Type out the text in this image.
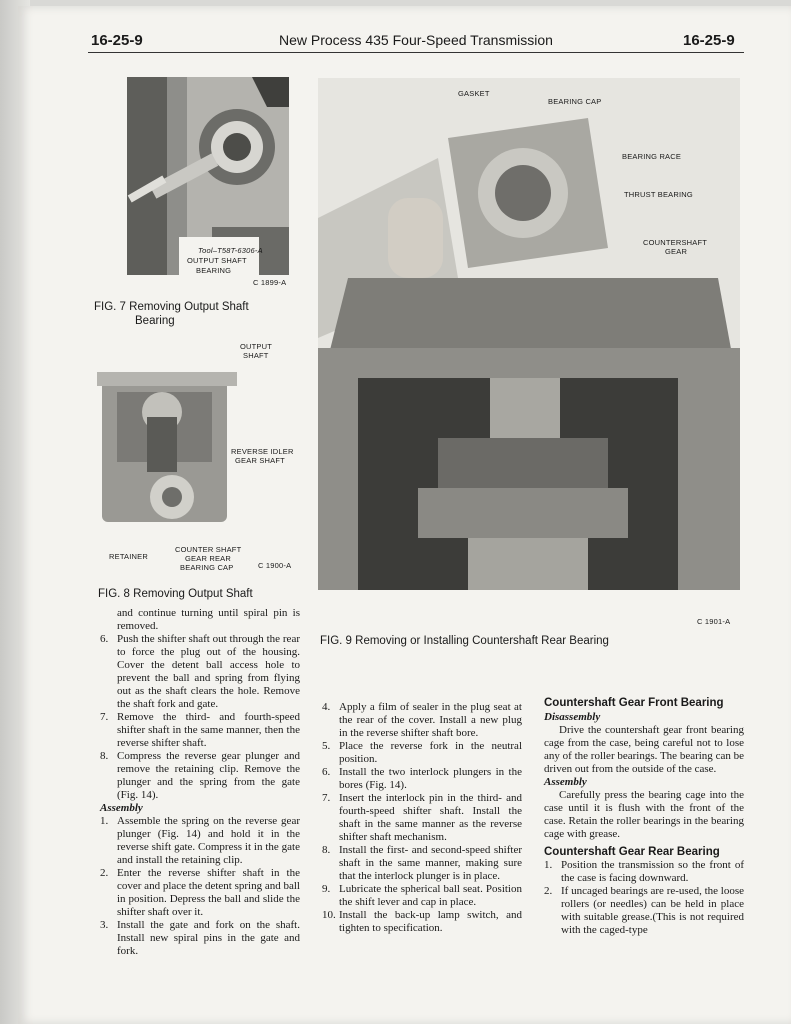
16-25-9	New Process 435 Four-Speed Transmission	16-25-9
Tool–T58T-6306-A
OUTPUT SHAFT
BEARING
C 1899-A
FIG. 7 Removing Output Shaft
Bearing
OUTPUT
SHAFT
REVERSE IDLER
GEAR SHAFT
RETAINER
COUNTER SHAFT
GEAR REAR
BEARING CAP	C 1900-A
FIG. 8 Removing Output Shaft
GASKET
BEARING CAP
BEARING RACE
THRUST BEARING
COUNTERSHAFT
GEAR
C 1901-A
FIG. 9 Removing or Installing Countershaft Rear Bearing

and continue turning until spiral pin is removed.

6. Push the shifter shaft out through the rear to force the plug out of the housing. Cover the detent ball access hole to prevent the ball and spring from flying out as the shaft clears the hole. Remove the shaft fork and gate.
7. Remove the third- and fourth-speed shifter shaft in the same manner, then the reverse shifter shaft.
8. Compress the reverse gear plunger and remove the retaining clip. Remove the plunger and the spring from the gate (Fig. 14).

Assembly

1. Assemble the spring on the reverse gear plunger (Fig. 14) and hold it in the reverse shift gate. Compress it in the gate and install the retaining clip.
2. Enter the reverse shifter shaft in the cover and place the detent spring and ball in position. Depress the ball and slide the shifter shaft over it.
3. Install the gate and fork on the shaft. Install new spiral pins in the gate and fork.
4. Apply a film of sealer in the plug seat at the rear of the cover. Install a new plug in the reverse shifter shaft bore.
5. Place the reverse fork in the neutral position.
6. Install the two interlock plungers in the bores (Fig. 14).
7. Insert the interlock pin in the third- and fourth-speed shifter shaft. Install the shaft in the same manner as the reverse shifter shaft mechanism.
8. Install the first- and second-speed shifter shaft in the same manner, making sure that the interlock plunger is in place.
9. Lubricate the spherical ball seat. Position the shift lever and cap in place.
10. Install the back-up lamp switch, and tighten to specification.

Countershaft Gear Front Bearing

Disassembly

Drive the countershaft gear front bearing cage from the case, being careful not to lose any of the roller bearings. The bearing can be driven out from the outside of the case.

Assembly

Carefully press the bearing cage into the case until it is flush with the front of the case. Retain the roller bearings in the bearing cage with grease.

Countershaft Gear Rear Bearing

1. Position the transmission so the front of the case is facing downward.
2. If uncaged bearings are re-used, the loose rollers (or needles) can be held in place with suitable grease.(This is not required with the caged-type
